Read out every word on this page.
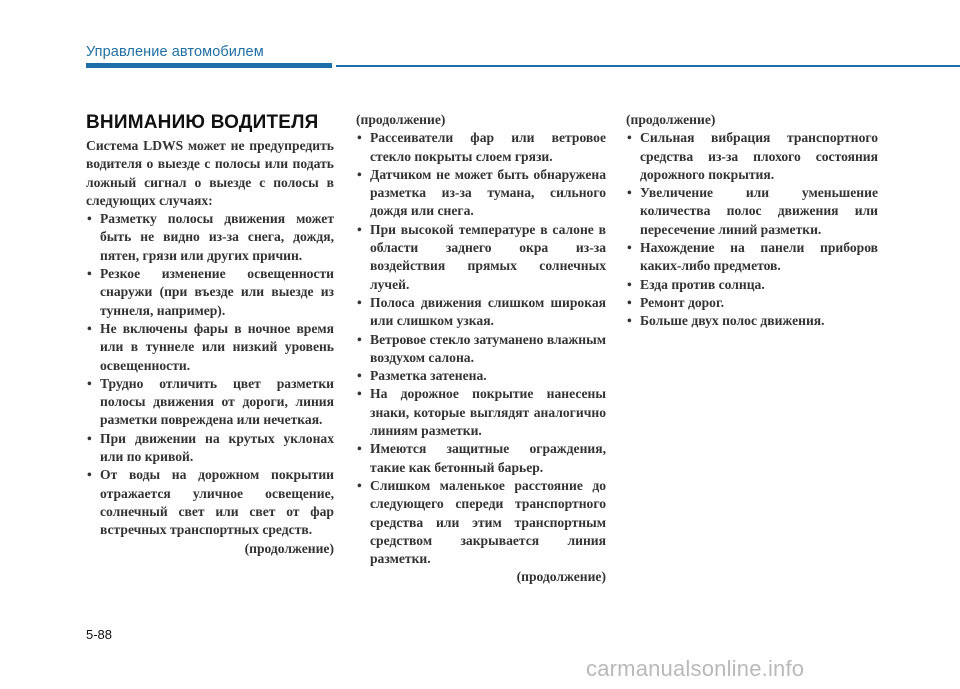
Управление автомобилем
ВНИМАНИЮ ВОДИТЕЛЯ

Система LDWS может не предупредить водителя о выезде с полосы или подать ложный сигнал о выезде с полосы в следующих случаях:

• Разметку полосы движения может быть не видно из-за снега, дождя, пятен, грязи или других причин.
• Резкое изменение освещенности снаружи (при въезде или выезде из туннеля, например).
• Не включены фары в ночное время или в туннеле или низкий уровень освещенности.
• Трудно отличить цвет разметки полосы движения от дороги, линия разметки повреждена или нечеткая.
• При движении на крутых уклонах или по кривой.
• От воды на дорожном покрытии отражается уличное освещение, солнечный свет или свет от фар встречных транспортных средств.

(продолжение)

(продолжение)

• Рассеиватели фар или ветровое стекло покрыты слоем грязи.
• Датчиком не может быть обнаружена разметка из-за тумана, сильного дождя или снега.
• При высокой температуре в салоне в области заднего окра из-за воздействия прямых солнечных лучей.
• Полоса движения слишком широкая или слишком узкая.
• Ветровое стекло затуманено влажным воздухом салона.
• Разметка затенена.
• На дорожное покрытие нанесены знаки, которые выглядят аналогично линиям разметки.
• Имеются защитные ограждения, такие как бетонный барьер.
• Слишком маленькое расстояние до следующего спереди транспортного средства или этим транспортным средством закрывается линия разметки.

(продолжение)

(продолжение)

• Сильная вибрация транспортного средства из-за плохого состояния дорожного покрытия.
• Увеличение или уменьшение количества полос движения или пересечение линий разметки.
• Нахождение на панели приборов каких-либо предметов.
• Езда против солнца.
• Ремонт дорог.
• Больше двух полос движения.
5-88
carmanualsonline.info
